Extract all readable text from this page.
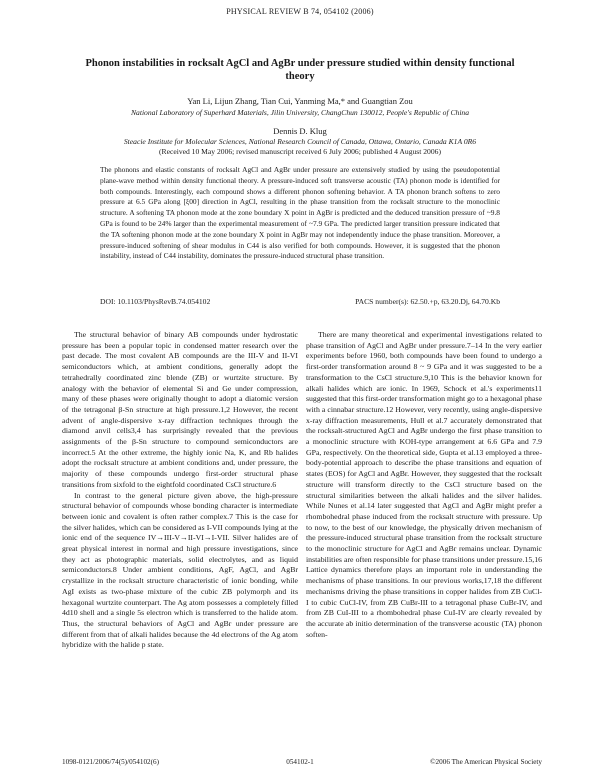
PHYSICAL REVIEW B 74, 054102 (2006)
Phonon instabilities in rocksalt AgCl and AgBr under pressure studied within density functional theory
Yan Li, Lijun Zhang, Tian Cui, Yanming Ma,* and Guangtian Zou
National Laboratory of Superhard Materials, Jilin University, ChangChun 130012, People's Republic of China
Dennis D. Klug
Steacie Institute for Molecular Sciences, National Research Council of Canada, Ottawa, Ontario, Canada K1A 0R6
(Received 10 May 2006; revised manuscript received 6 July 2006; published 4 August 2006)
The phonons and elastic constants of rocksalt AgCl and AgBr under pressure are extensively studied by using the pseudopotential plane-wave method within density functional theory. A pressure-induced soft transverse acoustic (TA) phonon mode is identified for both compounds. Interestingly, each compound shows a different phonon softening behavior. A TA phonon branch softens to zero pressure at 6.5 GPa along [ξ00] direction in AgCl, resulting in the phase transition from the rocksalt structure to the monoclinic structure. A softening TA phonon mode at the zone boundary X point in AgBr is predicted and the deduced transition pressure of ~9.8 GPa is found to be 24% larger than the experimental measurement of ~7.9 GPa. The predicted larger transition pressure indicated that the TA softening phonon mode at the zone boundary X point in AgBr may not independently induce the phase transition. Moreover, a pressure-induced softening of shear modulus in C44 is also verified for both compounds. However, it is suggested that the phonon instability, instead of C44 instability, dominates the pressure-induced structural phase transition.
DOI: 10.1103/PhysRevB.74.054102	PACS number(s): 62.50.+p, 63.20.Dj, 64.70.Kb

The structural behavior of binary AB compounds under hydrostatic pressure has been a popular topic in condensed matter research over the past decade. The most covalent AB compounds are the III-V and II-VI semiconductors which, at ambient conditions, generally adopt the tetrahedrally coordinated zinc blende (ZB) or wurtzite structure. By analogy with the behavior of elemental Si and Ge under compression, many of these phases were originally thought to adopt a diatomic version of the tetragonal β-Sn structure at high pressure.1,2 However, the recent advent of angle-dispersive x-ray diffraction techniques through the diamond anvil cells3,4 has surprisingly revealed that the previous assignments of the β-Sn structure to compound semiconductors are incorrect.5 At the other extreme, the highly ionic Na, K, and Rb halides adopt the rocksalt structure at ambient conditions and, under pressure, the majority of these compounds undergo first-order structural phase transitions from sixfold to the eightfold coordinated CsCl structure.6

In contrast to the general picture given above, the high-pressure structural behavior of compounds whose bonding character is intermediate between ionic and covalent is often rather complex.7 This is the case for the silver halides, which can be considered as I-VII compounds lying at the ionic end of the sequence IV→III-V→II-VI→I-VII. Silver halides are of great physical interest in normal and high pressure investigations, since they act as photographic materials, solid electrolytes, and as liquid semiconductors.8 Under ambient conditions, AgF, AgCl, and AgBr crystallize in the rocksalt structure characteristic of ionic bonding, while AgI exists as two-phase mixture of the cubic ZB polymorph and its hexagonal wurtzite counterpart. The Ag atom possesses a completely filled 4d10 shell and a single 5s electron which is transferred to the halide atom. Thus, the structural behaviors of AgCl and AgBr under pressure are different from that of alkali halides because the 4d electrons of the Ag atom hybridize with the halide p state.

There are many theoretical and experimental investigations related to phase transition of AgCl and AgBr under pressure.7–14 In the very earlier experiments before 1960, both compounds have been found to undergo a first-order transformation around 8 ~ 9 GPa and it was suggested to be a transformation to the CsCl structure.9,10 This is the behavior known for alkali halides which are ionic. In 1969, Schock et al.'s experiments11 suggested that this first-order transformation might go to a hexagonal phase with a cinnabar structure.12 However, very recently, using angle-dispersive x-ray diffraction measurements, Hull et al.7 accurately demonstrated that the rocksalt-structured AgCl and AgBr undergo the first phase transition to a monoclinic structure with KOH-type arrangement at 6.6 GPa and 7.9 GPa, respectively. On the theoretical side, Gupta et al.13 employed a three-body-potential approach to describe the phase transitions and equation of states (EOS) for AgCl and AgBr. However, they suggested that the rocksalt structure will transform directly to the CsCl structure based on the structural similarities between the alkali halides and the silver halides. While Nunes et al.14 later suggested that AgCl and AgBr might prefer a rhombohedral phase induced from the rocksalt structure with pressure. Up to now, to the best of our knowledge, the physically driven mechanism of the pressure-induced structural phase transition from the rocksalt structure to the monoclinic structure for AgCl and AgBr remains unclear. Dynamic instabilities are often responsible for phase transitions under pressure.15,16 Lattice dynamics therefore plays an important role in understanding the mechanisms of phase transitions. In our previous works,17,18 the different mechanisms driving the phase transitions in copper halides from ZB CuCl-I to cubic CuCl-IV, from ZB CuBr-III to a tetragonal phase CuBr-IV, and from ZB CuI-III to a rhombohedral phase CuI-IV are clearly revealed by the accurate ab initio determination of the transverse acoustic (TA) phonon soften-

1098-0121/2006/74(5)/054102(6)	054102-1	©2006 The American Physical Society
